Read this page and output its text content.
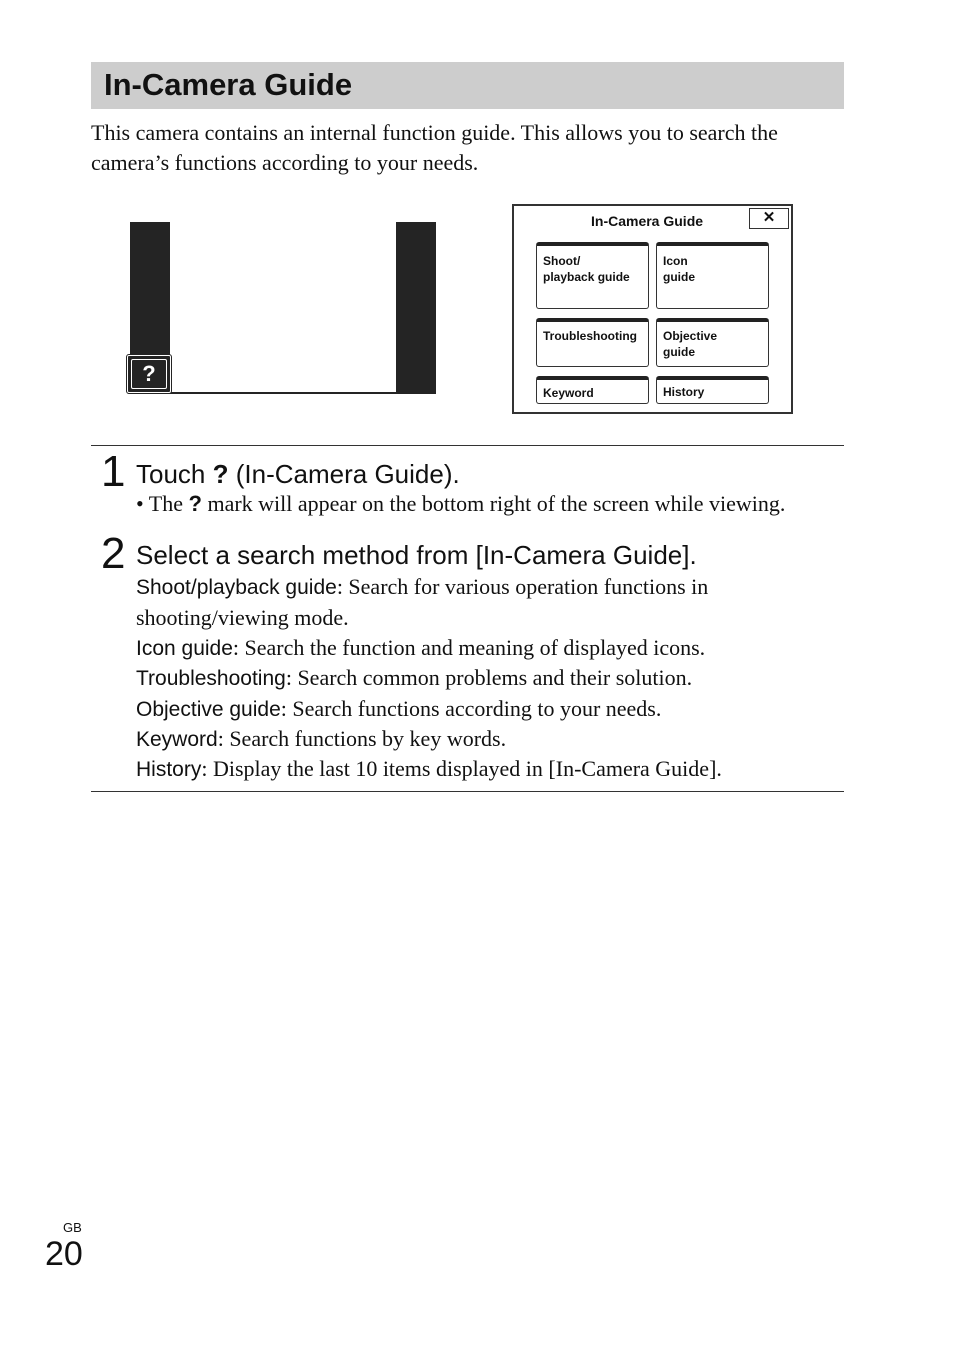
In-Camera Guide
This camera contains an internal function guide. This allows you to search the camera’s functions according to your needs.
?
In-Camera Guide	✕
Shoot/
playback guide
Icon
guide
Troubleshooting	Objective
guide
Keyword	History
1 Touch ? (In-Camera Guide).
• The ? mark will appear on the bottom right of the screen while viewing.
2 Select a search method from [In-Camera Guide].
Shoot/playback guide: Search for various operation functions in
shooting/viewing mode.
Icon guide: Search the function and meaning of displayed icons.
Troubleshooting: Search common problems and their solution.
Objective guide: Search functions according to your needs.
Keyword: Search functions by key words.
History: Display the last 10 items displayed in [In-Camera Guide].
GB
20
